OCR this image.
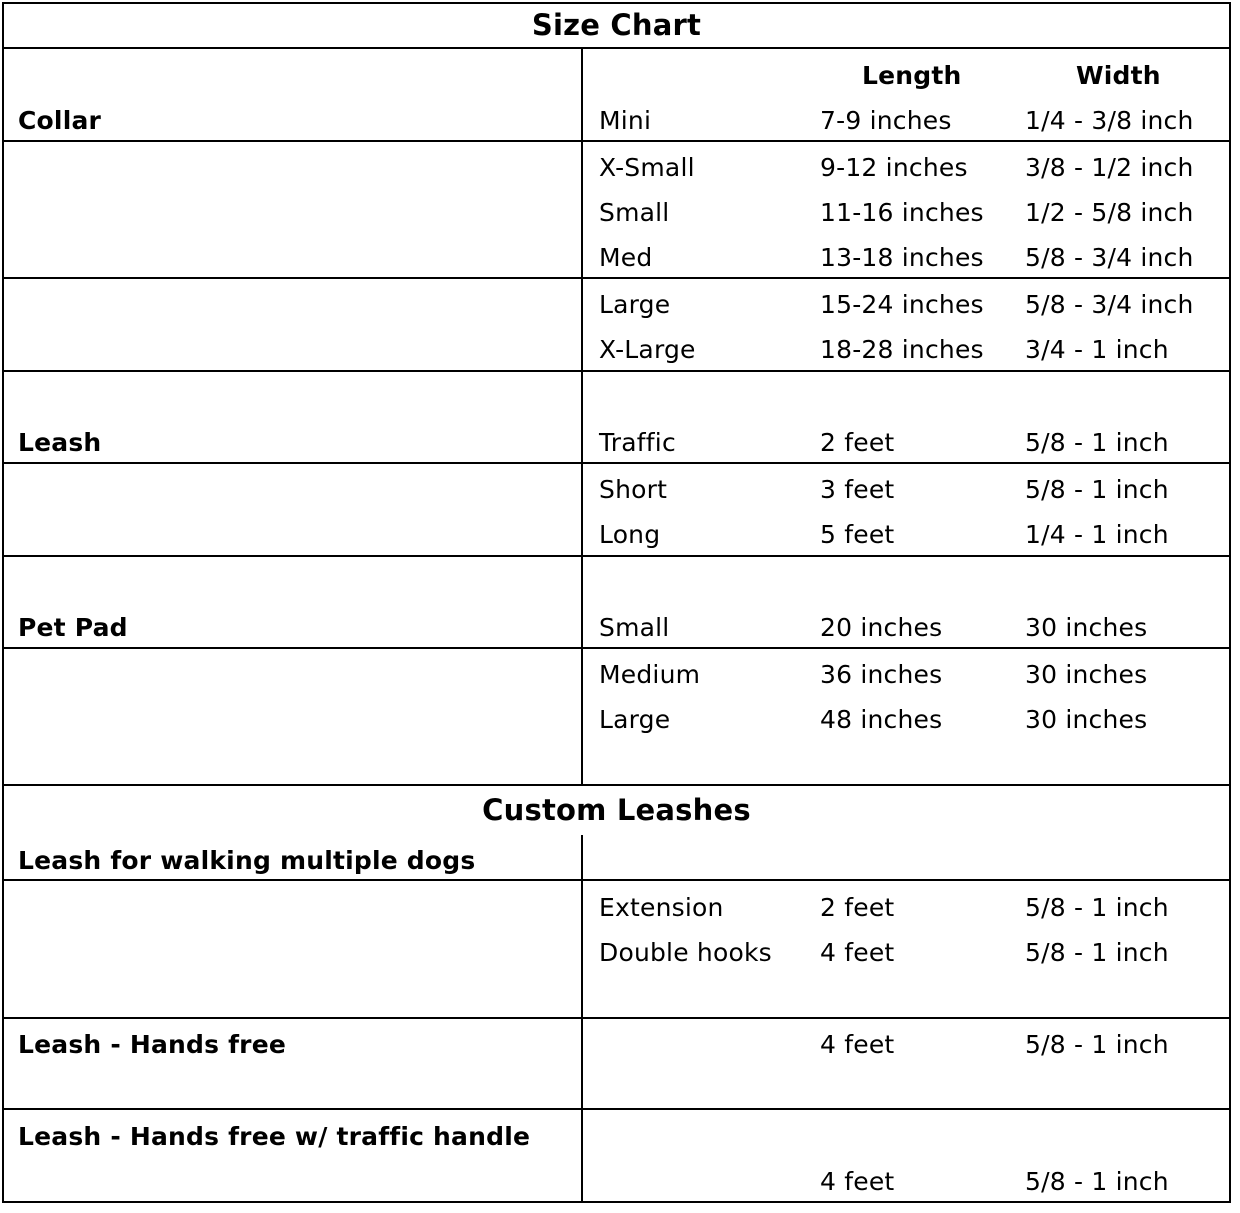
Size Chart
Length	Width
Collar	Mini	7-9 inches	1/4 - 3/8 inch
X-Small	9-12 inches 3/8 - 1/2 inch
Small	11-16 inches 1/2 - 5/8 inch
Med	13-18 inches 5/8 - 3/4 inch
Large	15-24 inches 5/8 - 3/4 inch
X-Large	18-28 inches 3/4 - 1 inch
Leash	Traffic	2 feet	5/8 - 1 inch
Short	3 feet	5/8 - 1 inch
Long	5 feet	1/4 - 1 inch
Pet Pad	Small	20 inches	30 inches
Medium	36 inches	30 inches
Large	48 inches	30 inches
Custom Leashes
Leash for walking multiple dogs
Extension	2 feet	5/8 - 1 inch
Double hooks 4 feet	5/8 - 1 inch
Leash - Hands free	4 feet	5/8 - 1 inch
Leash - Hands free w/ traffic handle
4 feet	5/8 - 1 inch
